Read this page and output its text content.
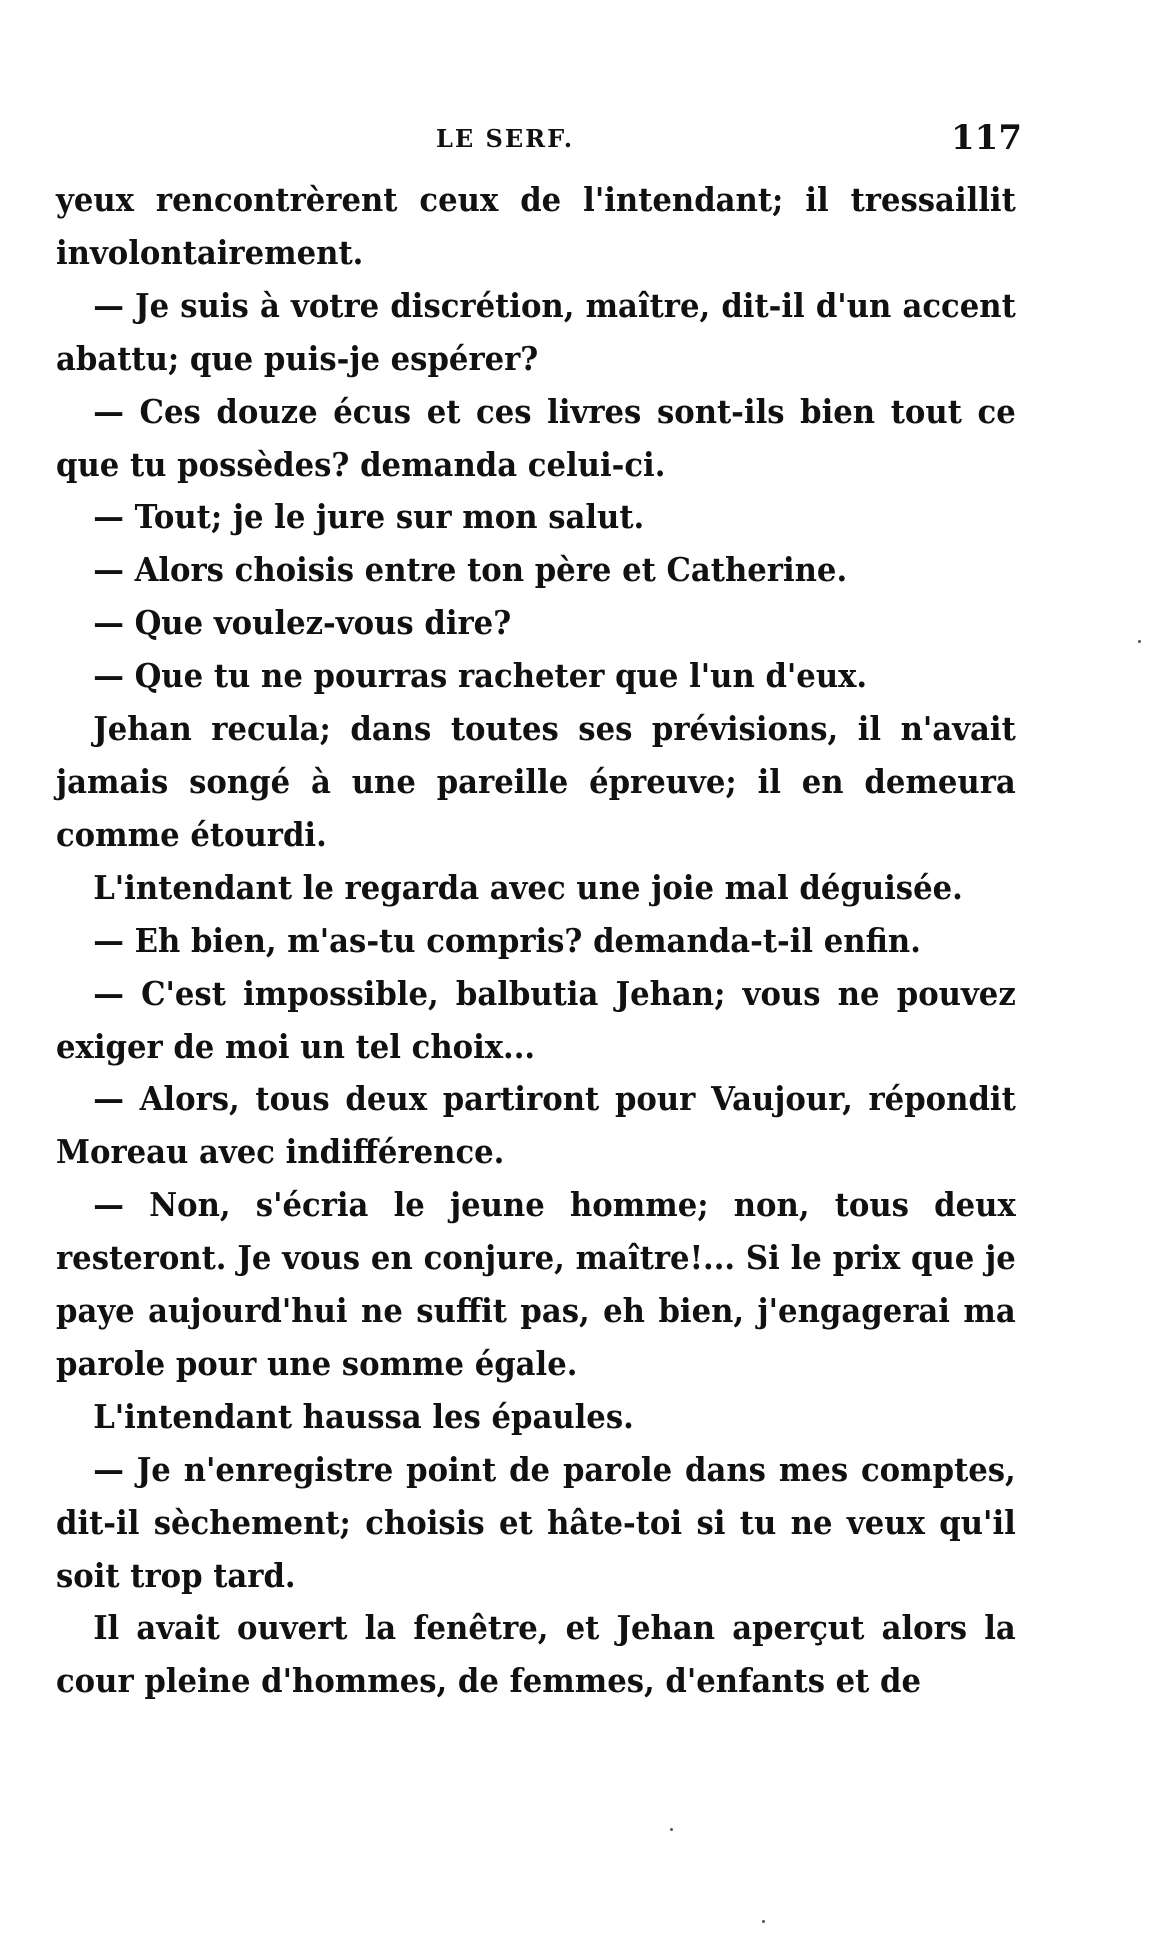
LE SERF.	117

yeux rencontrèrent ceux de l'intendant; il tressaillit involontairement.

— Je suis à votre discrétion, maître, dit-il d'un accent abattu; que puis-je espérer?

— Ces douze écus et ces livres sont-ils bien tout ce que tu possèdes? demanda celui-ci.

— Tout; je le jure sur mon salut.

— Alors choisis entre ton père et Catherine.

— Que voulez-vous dire?

— Que tu ne pourras racheter que l'un d'eux.

Jehan recula; dans toutes ses prévisions, il n'avait jamais songé à une pareille épreuve; il en demeura comme étourdi.

L'intendant le regarda avec une joie mal déguisée.

— Eh bien, m'as-tu compris? demanda-t-il enfin.

— C'est impossible, balbutia Jehan; vous ne pouvez exiger de moi un tel choix...

— Alors, tous deux partiront pour Vaujour, répondit Moreau avec indifférence.

— Non, s'écria le jeune homme; non, tous deux resteront. Je vous en conjure, maître!... Si le prix que je paye aujourd'hui ne suffit pas, eh bien, j'engagerai ma parole pour une somme égale.

L'intendant haussa les épaules.

— Je n'enregistre point de parole dans mes comptes, dit-il sèchement; choisis et hâte-toi si tu ne veux qu'il soit trop tard.

Il avait ouvert la fenêtre, et Jehan aperçut alors la cour pleine d'hommes, de femmes, d'enfants et de
